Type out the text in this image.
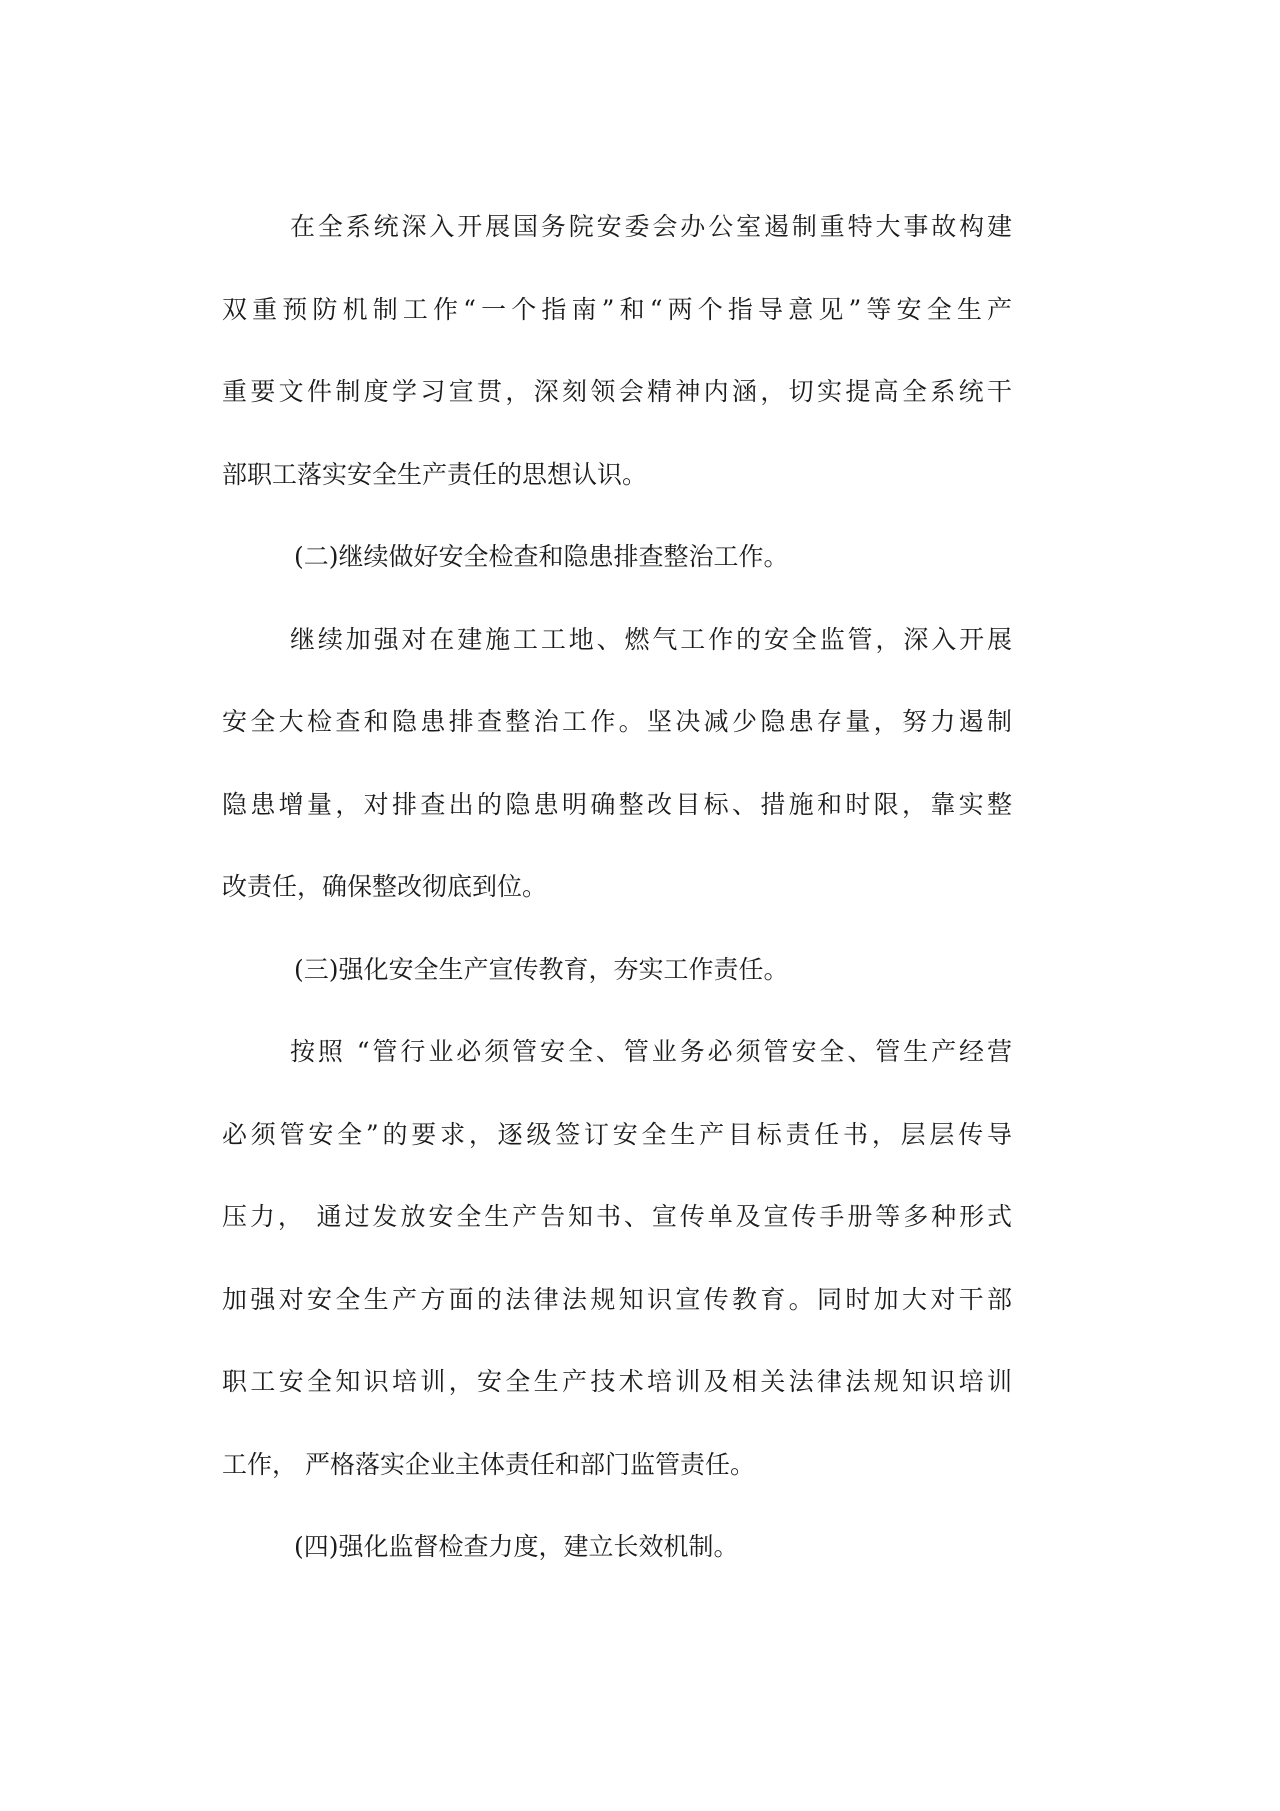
在全系统深入开展国务院安委会办公室遏制重特大事故构建
双重预防机制工作“一个指南”和“两个指导意见”等安全生产
重要文件制度学习宣贯，深刻领会精神内涵，切实提高全系统干
部职工落实安全生产责任的思想认识。
(二)继续做好安全检查和隐患排查整治工作。
继续加强对在建施工工地、燃气工作的安全监管，深入开展
安全大检查和隐患排查整治工作。坚决减少隐患存量，努力遏制
隐患增量，对排查出的隐患明确整改目标、措施和时限，靠实整
改责任，确保整改彻底到位。
(三)强化安全生产宣传教育，夯实工作责任。
按照 “管行业必须管安全、管业务必须管安全、管生产经营
必须管安全”的要求，逐级签订安全生产目标责任书，层层传导
压力， 通过发放安全生产告知书、宣传单及宣传手册等多种形式
加强对安全生产方面的法律法规知识宣传教育。同时加大对干部
职工安全知识培训，安全生产技术培训及相关法律法规知识培训
工作， 严格落实企业主体责任和部门监管责任。
(四)强化监督检查力度，建立长效机制。
